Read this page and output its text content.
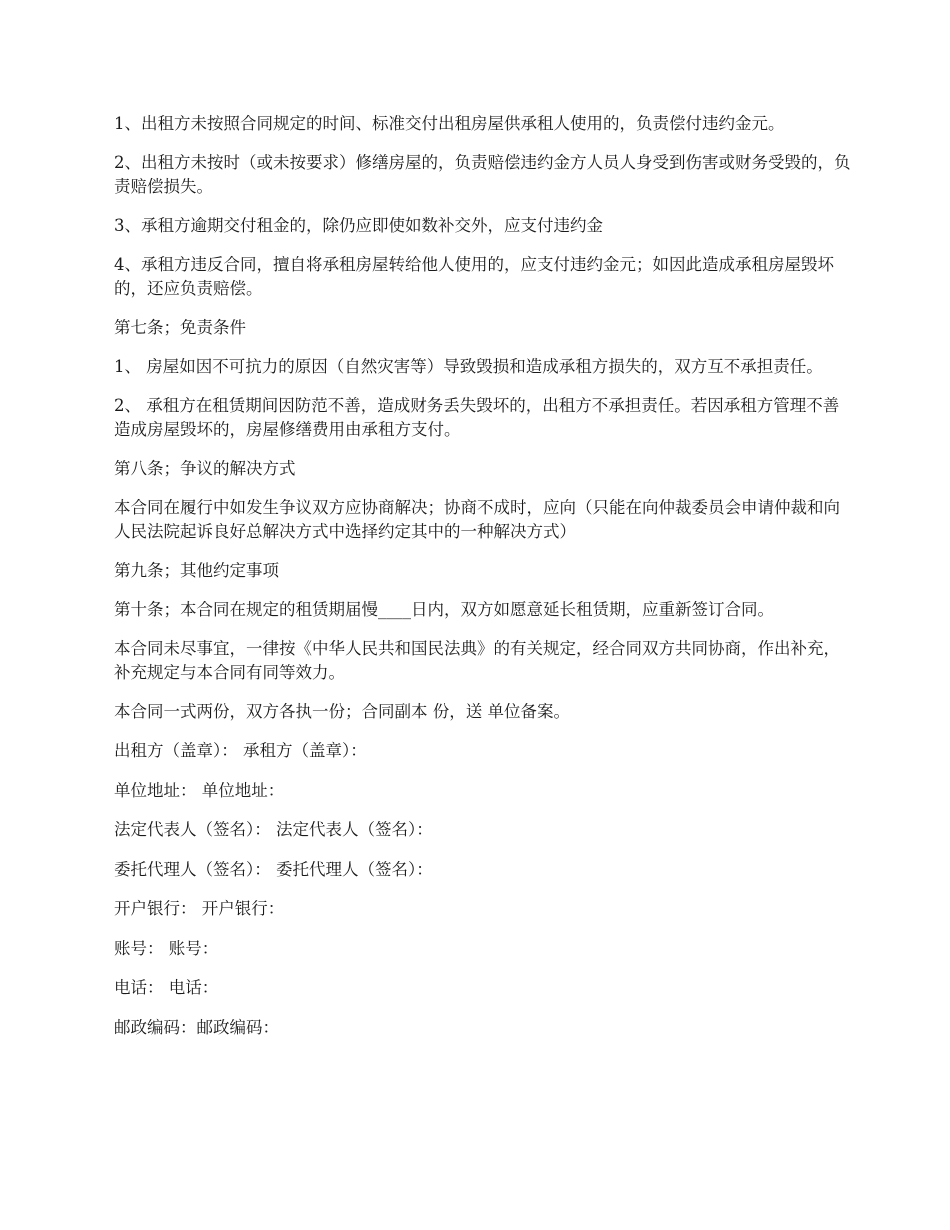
1、出租方未按照合同规定的时间、标准交付出租房屋供承租人使用的，负责偿付违约金元。

2、出租方未按时（或未按要求）修缮房屋的，负责赔偿违约金方人员人身受到伤害或财务受毁的，负责赔偿损失。

3、承租方逾期交付租金的，除仍应即使如数补交外，应支付违约金

4、承租方违反合同，擅自将承租房屋转给他人使用的，应支付违约金元；如因此造成承租房屋毁坏的，还应负责赔偿。

第七条；免责条件

1、 房屋如因不可抗力的原因（自然灾害等）导致毁损和造成承租方损失的，双方互不承担责任。

2、 承租方在租赁期间因防范不善，造成财务丢失毁坏的，出租方不承担责任。若因承租方管理不善造成房屋毁坏的，房屋修缮费用由承租方支付。

第八条；争议的解决方式

本合同在履行中如发生争议双方应协商解决；协商不成时，应向（只能在向仲裁委员会申请仲裁和向人民法院起诉良好总解决方式中选择约定其中的一种解决方式）

第九条；其他约定事项

第十条；本合同在规定的租赁期届慢____日内，双方如愿意延长租赁期，应重新签订合同。

本合同未尽事宜，一律按《中华人民共和国民法典》的有关规定，经合同双方共同协商，作出补充，补充规定与本合同有同等效力。

本合同一式两份，双方各执一份；合同副本 份，送 单位备案。

出租方（盖章）： 承租方（盖章）：

单位地址： 单位地址：

法定代表人（签名）： 法定代表人（签名）：

委托代理人（签名）： 委托代理人（签名）：

开户银行： 开户银行：

账号： 账号：

电话： 电话：

邮政编码：邮政编码：
